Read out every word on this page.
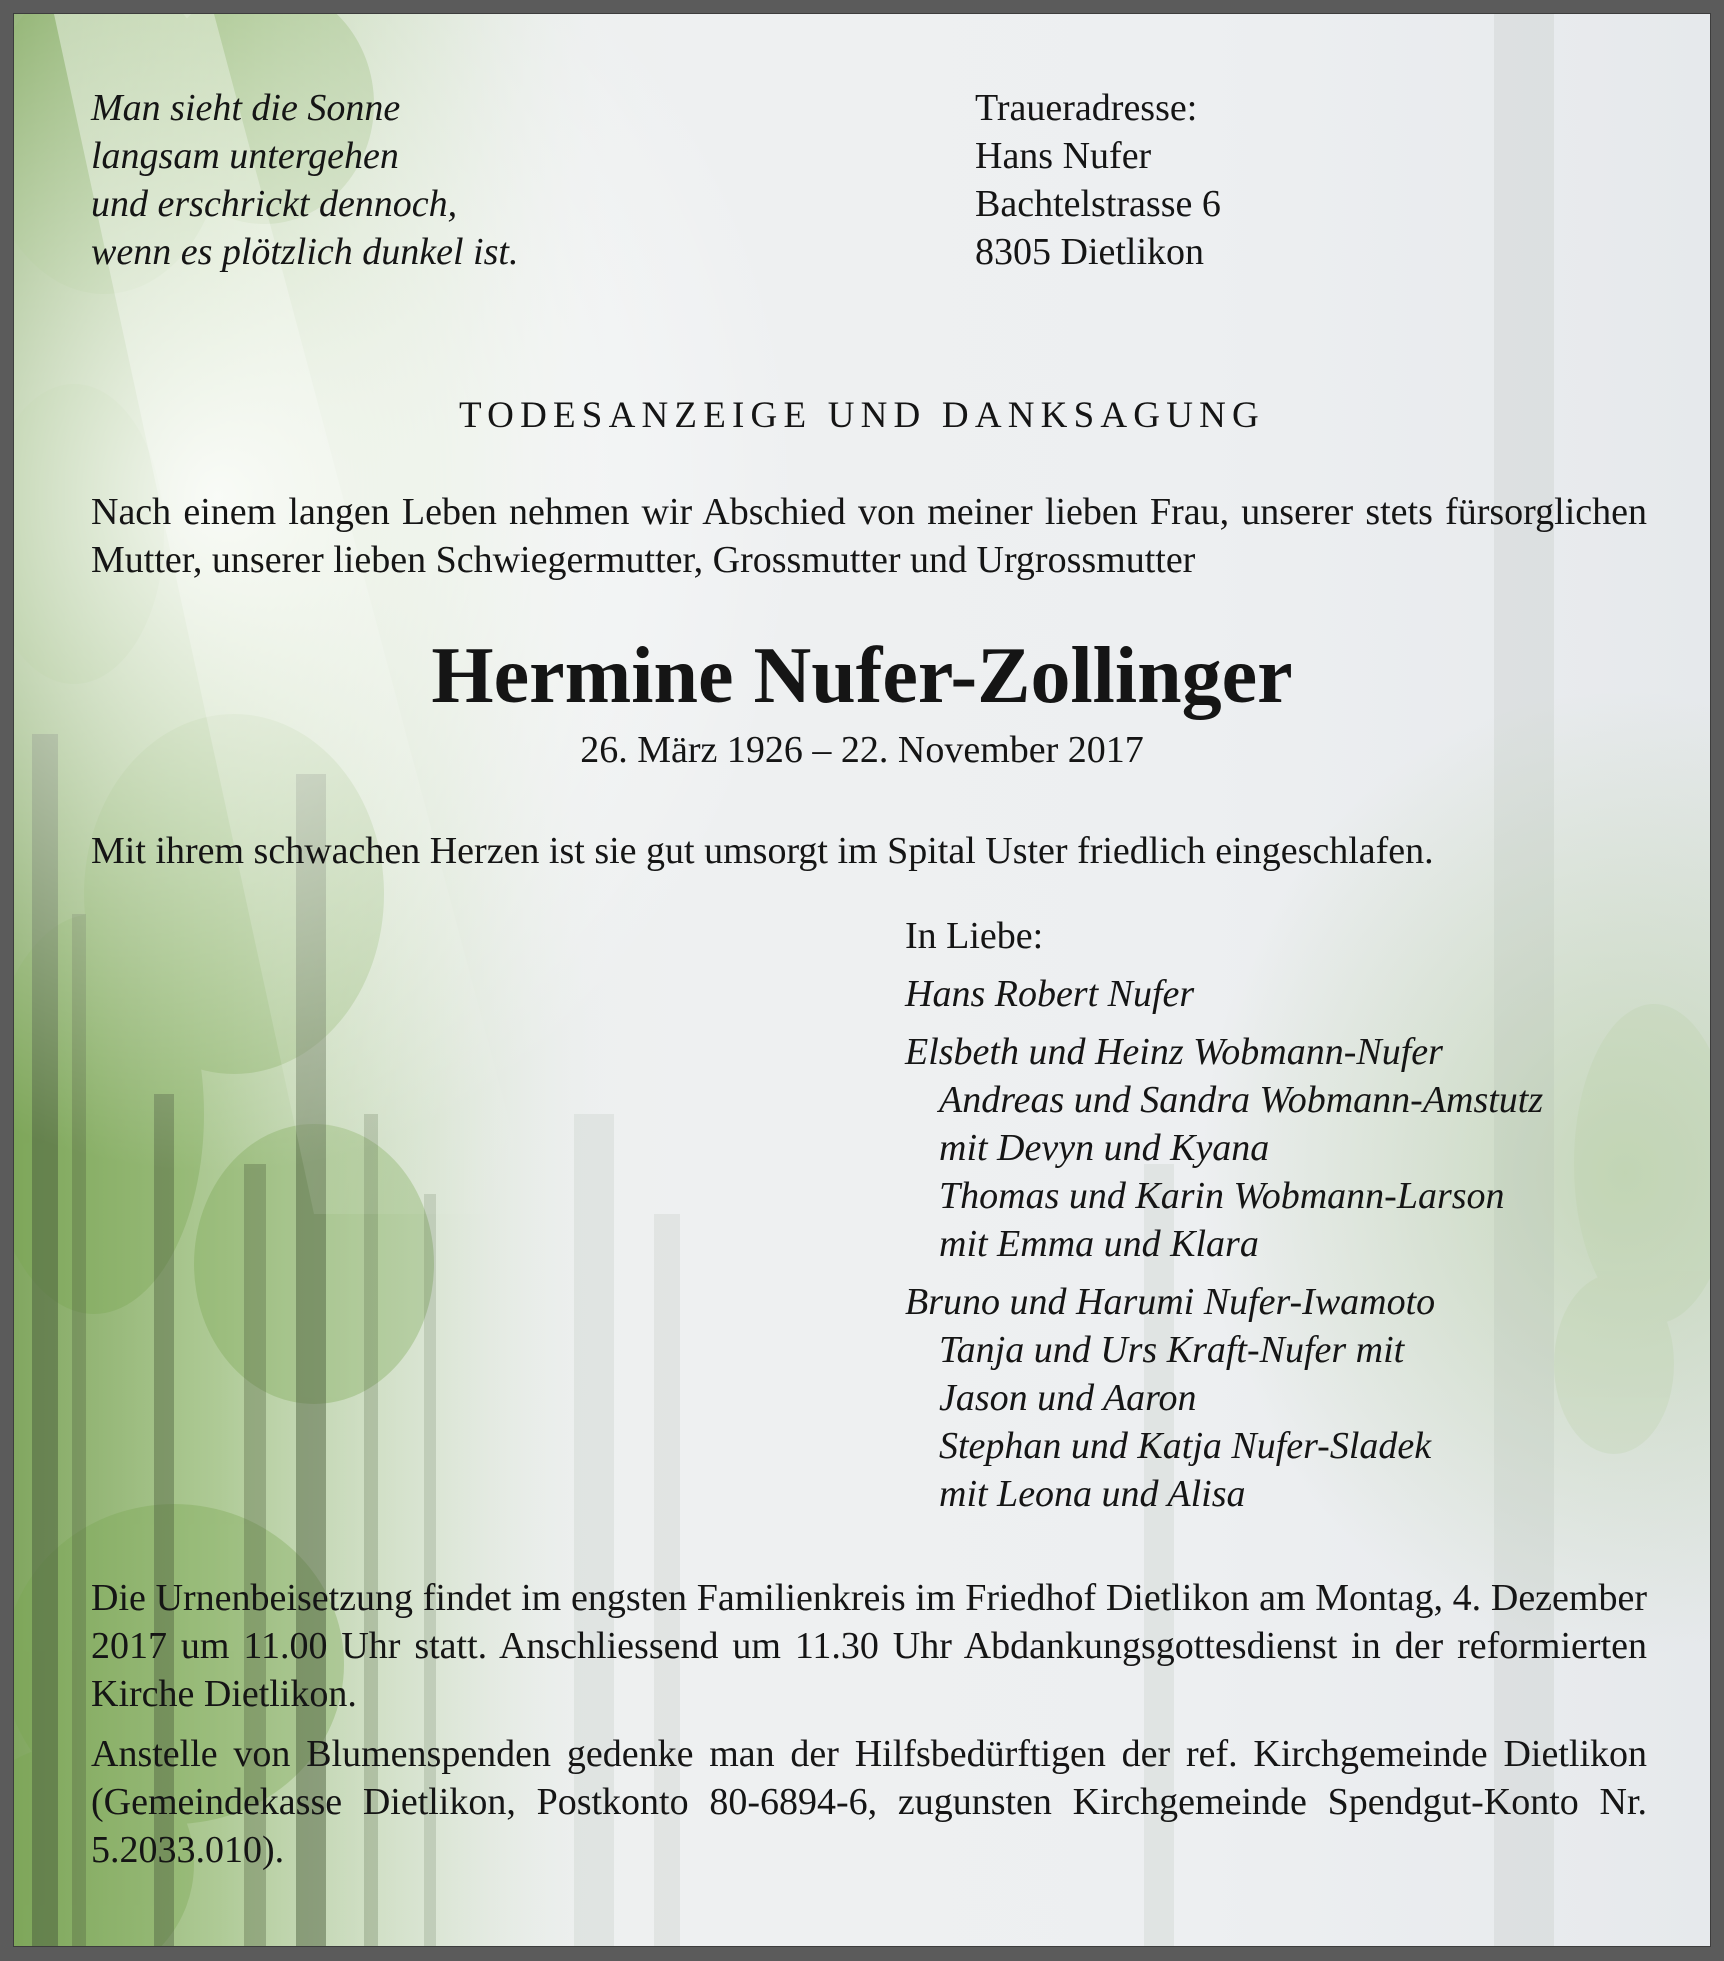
Man sieht die Sonne
langsam untergehen
und erschrickt dennoch,
wenn es plötzlich dunkel ist.
Traueradresse:
Hans Nufer
Bachtelstrasse 6
8305 Dietlikon
TODESANZEIGE UND DANKSAGUNG
Nach einem langen Leben nehmen wir Abschied von meiner lieben Frau, unserer stets fürsorglichen Mutter, unserer lieben Schwiegermutter, Grossmutter und Urgrossmutter
Hermine Nufer-Zollinger
26. März 1926 – 22. November 2017
Mit ihrem schwachen Herzen ist sie gut umsorgt im Spital Uster friedlich eingeschlafen.
In Liebe:
Hans Robert Nufer
Elsbeth und Heinz Wobmann-Nufer
Andreas und Sandra Wobmann-Amstutz
mit Devyn und Kyana
Thomas und Karin Wobmann-Larson
mit Emma und Klara
Bruno und Harumi Nufer-Iwamoto
Tanja und Urs Kraft-Nufer mit
Jason und Aaron
Stephan und Katja Nufer-Sladek
mit Leona und Alisa
Die Urnenbeisetzung findet im engsten Familienkreis im Friedhof Dietlikon am Montag, 4. Dezember 2017 um 11.00 Uhr statt. Anschliessend um 11.30 Uhr Abdankungsgottesdienst in der reformierten Kirche Dietlikon.
Anstelle von Blumenspenden gedenke man der Hilfsbedürftigen der ref. Kirchgemeinde Dietlikon (Gemeindekasse Dietlikon, Postkonto 80-6894-6, zugunsten Kirchgemeinde Spendgut-Konto Nr. 5.2033.010).
